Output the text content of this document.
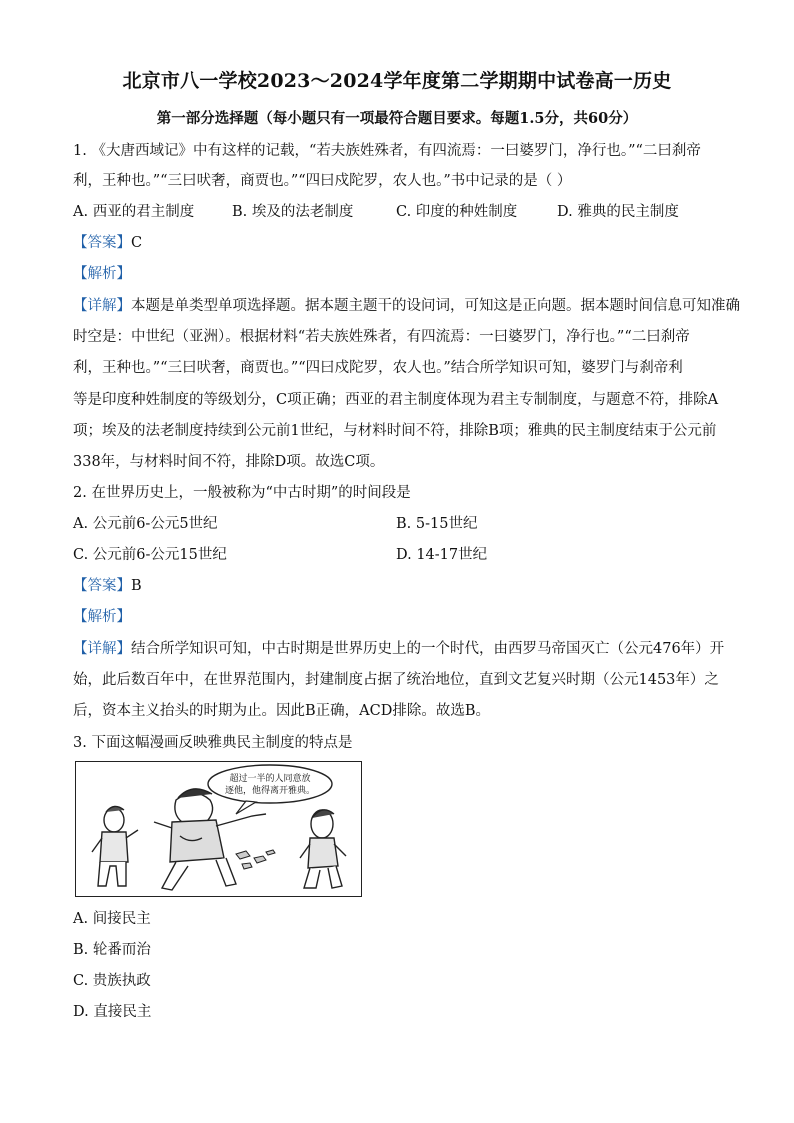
北京市八一学校2023～2024学年度第二学期期中试卷高一历史
第一部分选择题（每小题只有一项最符合题目要求。每题1.5分，共60分）
1. 《大唐西域记》中有这样的记载，“若夫族姓殊者，有四流焉：一曰婆罗门，净行也。”“二曰刹帝
利，王种也。”“三曰吠奢，商贾也。”“四曰戍陀罗，农人也。”书中记录的是（ ）
A. 西亚的君主制度	B. 埃及的法老制度	C. 印度的种姓制度	D. 雅典的民主制度
【答案】C
【解析】
【详解】本题是单类型单项选择题。据本题主题干的设问词，可知这是正向题。据本题时间信息可知准确
时空是：中世纪（亚洲）。根据材料“若夫族姓殊者，有四流焉：一曰婆罗门，净行也。”“二曰刹帝
利，王种也。”“三曰吠奢，商贾也。”“四曰戍陀罗，农人也。”结合所学知识可知，婆罗门与刹帝利
等是印度种姓制度的等级划分，C项正确；西亚的君主制度体现为君主专制制度，与题意不符，排除A
项；埃及的法老制度持续到公元前1世纪，与材料时间不符，排除B项；雅典的民主制度结束于公元前
338年，与材料时间不符，排除D项。故选C项。
2. 在世界历史上，一般被称为“中古时期”的时间段是
A. 公元前6-公元5世纪	B. 5-15世纪
C. 公元前6-公元15世纪	D. 14-17世纪
【答案】B
【解析】
【详解】结合所学知识可知，中古时期是世界历史上的一个时代，由西罗马帝国灭亡（公元476年）开
始，此后数百年中，在世界范围内，封建制度占据了统治地位，直到文艺复兴时期（公元1453年）之
后，资本主义抬头的时期为止。因此B正确，ACD排除。故选B。
3. 下面这幅漫画反映雅典民主制度的特点是
超过一半的人同意放
逐他，他得离开雅典。
A. 间接民主
B. 轮番而治
C. 贵族执政
D. 直接民主
